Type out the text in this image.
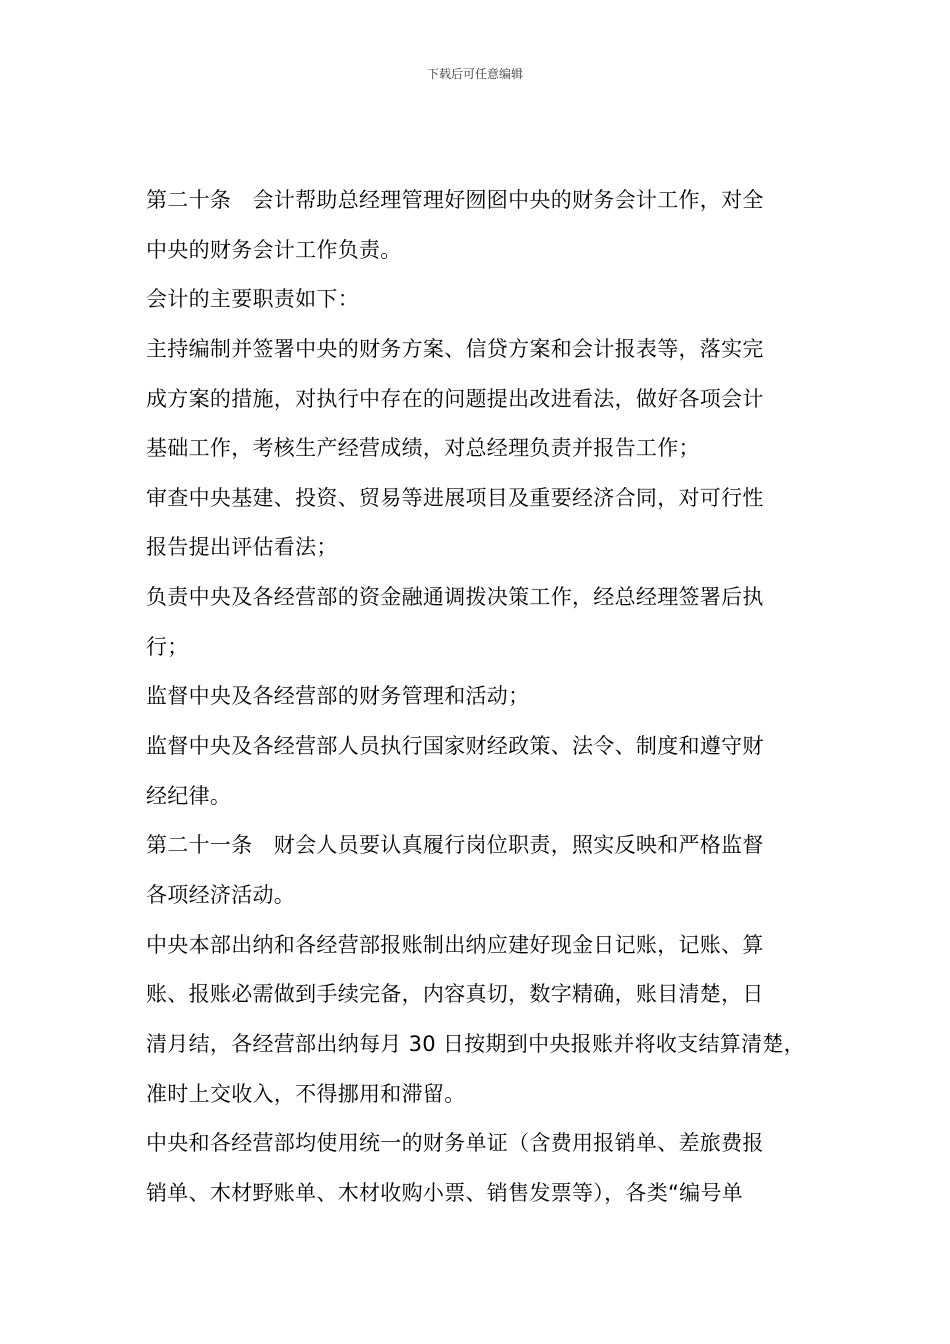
下载后可任意编辑
第二十条　会计帮助总经理管理好囫囵中央的财务会计工作，对全
中央的财务会计工作负责。
会计的主要职责如下：
主持编制并签署中央的财务方案、信贷方案和会计报表等，落实完
成方案的措施，对执行中存在的问题提出改进看法，做好各项会计
基础工作，考核生产经营成绩，对总经理负责并报告工作；
审查中央基建、投资、贸易等进展项目及重要经济合同，对可行性
报告提出评估看法；
负责中央及各经营部的资金融通调拨决策工作，经总经理签署后执
行；
监督中央及各经营部的财务管理和活动；
监督中央及各经营部人员执行国家财经政策、法令、制度和遵守财
经纪律。
第二十一条　财会人员要认真履行岗位职责，照实反映和严格监督
各项经济活动。
中央本部出纳和各经营部报账制出纳应建好现金日记账，记账、算
账、报账必需做到手续完备，内容真切，数字精确，账目清楚，日
清月结，各经营部出纳每月 30 日按期到中央报账并将收支结算清楚，
准时上交收入，不得挪用和滞留。
中央和各经营部均使用统一的财务单证（含费用报销单、差旅费报
销单、木材野账单、木材收购小票、销售发票等），各类“编号单
